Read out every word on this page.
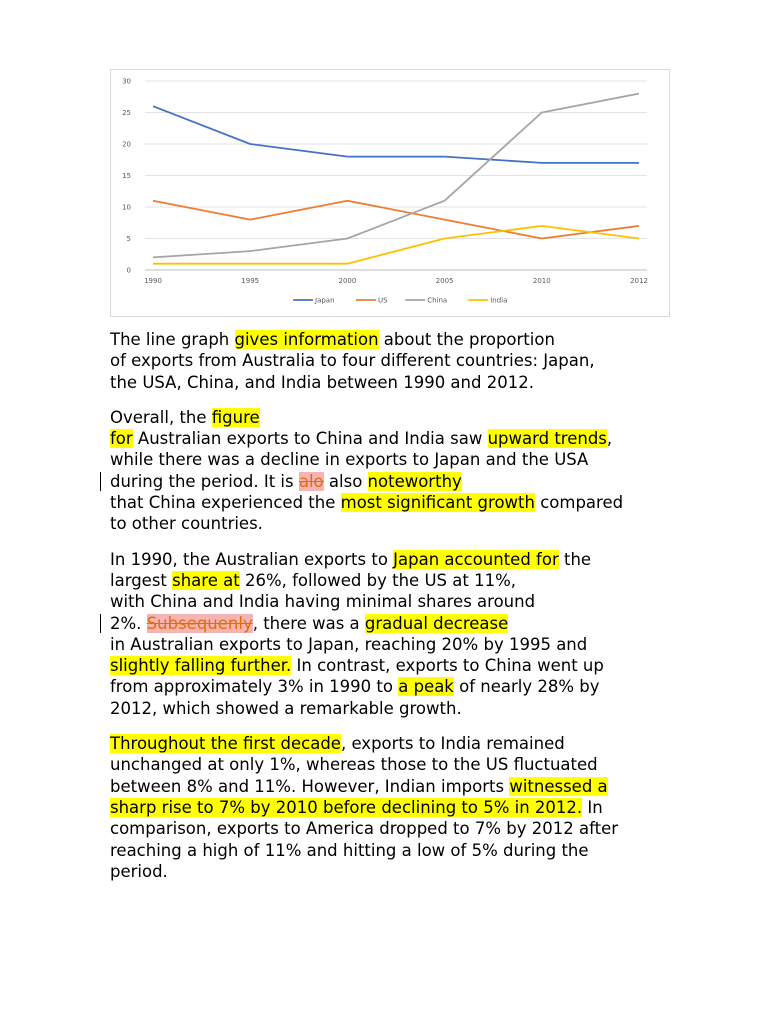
0
5
10
15
20
25
30
1990	1995	2000	2005	2010	2012
Japan	US	China	India

The line graph gives information about the proportion
of exports from Australia to four different countries: Japan,
the USA, China, and India between 1990 and 2012.

Overall, the figure
for Australian exports to China and India saw upward trends,
while there was a decline in exports to Japan and the USA
during the period. It is alo also noteworthy
that China experienced the most significant growth compared
to other countries.

In 1990, the Australian exports to Japan accounted for the
largest share at 26%, followed by the US at 11%,
with China and India having minimal shares around
2%. Subsequenly, there was a gradual decrease
in Australian exports to Japan, reaching 20% by 1995 and
slightly falling further. In contrast, exports to China went up
from approximately 3% in 1990 to a peak of nearly 28% by
2012, which showed a remarkable growth.

Throughout the first decade, exports to India remained
unchanged at only 1%, whereas those to the US fluctuated
between 8% and 11%. However, Indian imports witnessed a
sharp rise to 7% by 2010 before declining to 5% in 2012. In
comparison, exports to America dropped to 7% by 2012 after
reaching a high of 11% and hitting a low of 5% during the
period.
